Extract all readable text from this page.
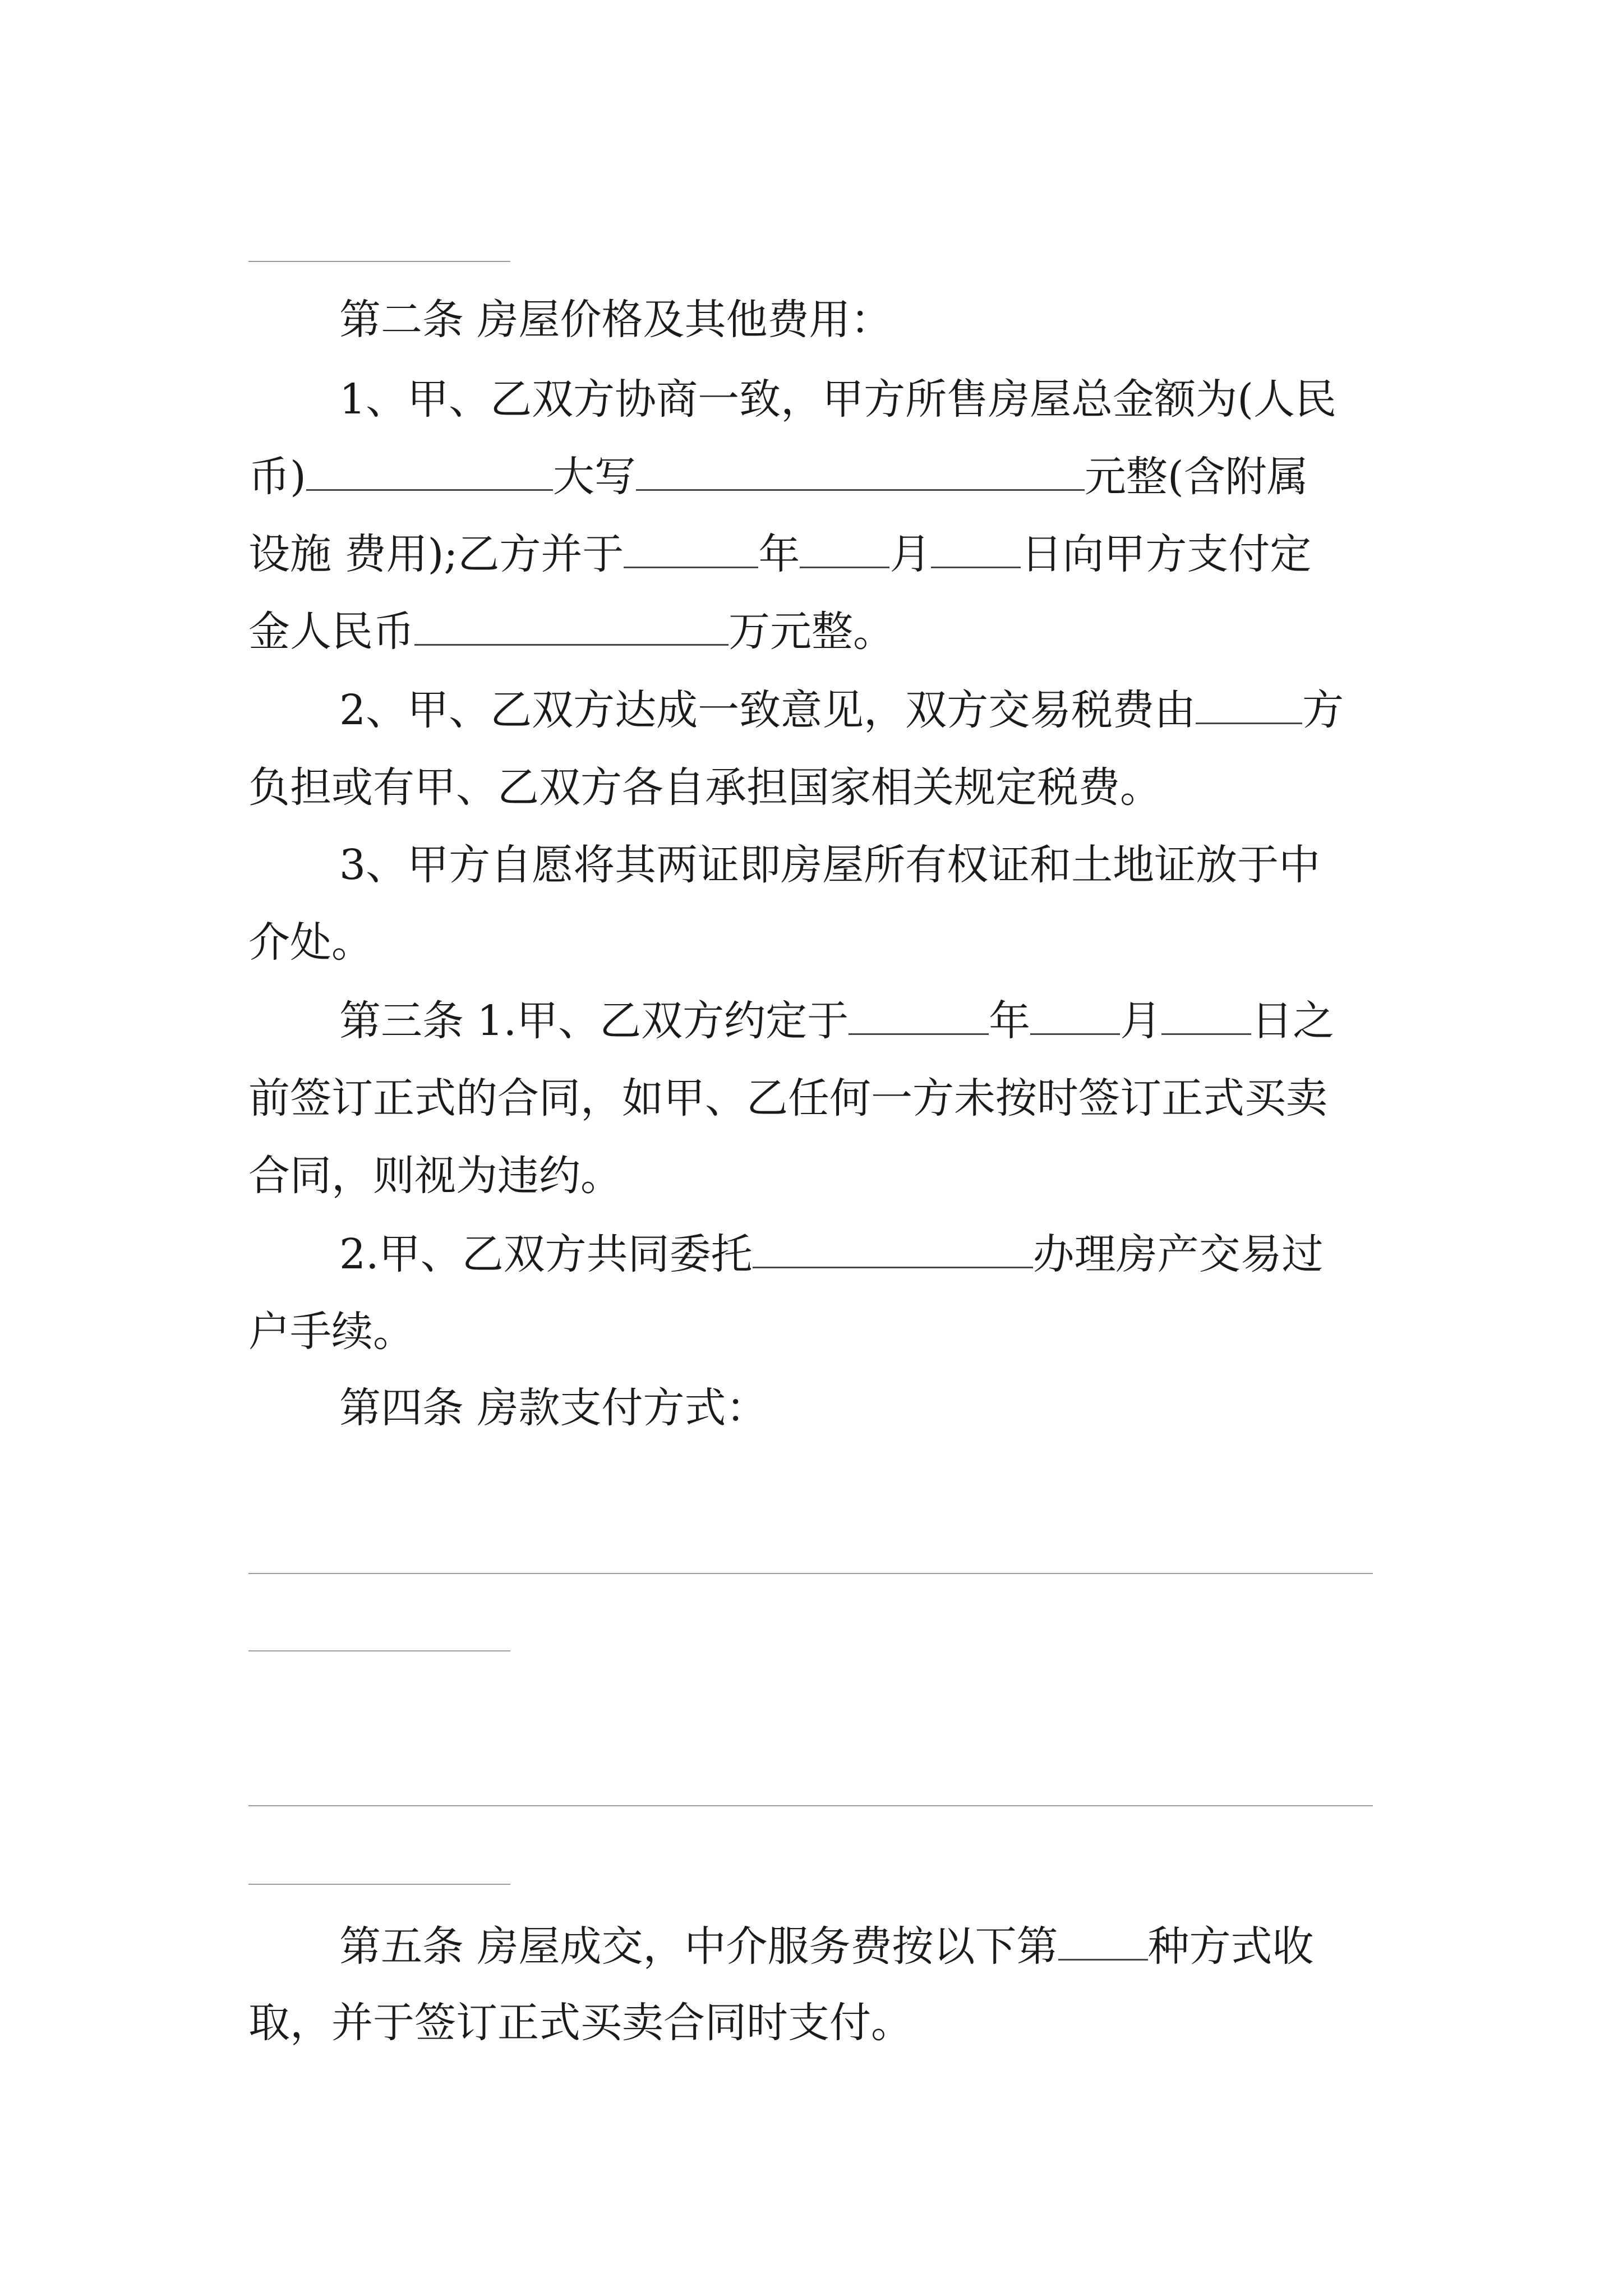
第二条 房屋价格及其他费用：
1、甲、乙双方协商一致，甲方所售房屋总金额为(人民
币)	大写	元整(含附属
设施 费用);乙方并于	年 月 日向甲方支付定
金人民币	万元整。
2、甲、乙双方达成一致意见，双方交易税费由	方
负担或有甲、乙双方各自承担国家相关规定税费。
3、甲方自愿将其两证即房屋所有权证和土地证放于中
介处。
第三条 1.甲、乙双方约定于	年 月 日之
前签订正式的合同，如甲、乙任何一方未按时签订正式买卖
合同，则视为违约。
2.甲、乙双方共同委托	办理房产交易过
户手续。
第四条 房款支付方式：
第五条 房屋成交，中介服务费按以下第 种方式收
取，并于签订正式买卖合同时支付。
